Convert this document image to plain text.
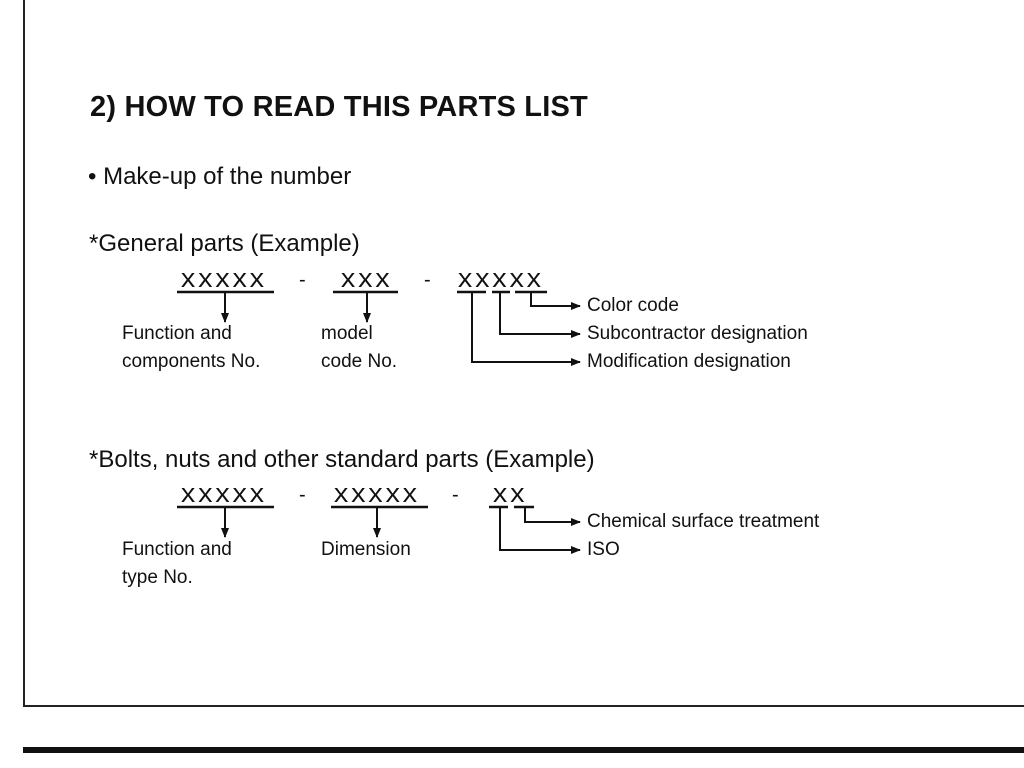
2) HOW TO READ THIS PARTS LIST
• Make-up of the number
*General parts (Example)
xxxxx - xxx - xxxxx
Function and
components No.
model
code No.
Color code
Subcontractor designation
Modification designation
*Bolts, nuts and other standard parts (Example)
xxxxx - xxxxx - xx
Function and
type No.
Dimension
Chemical surface treatment
ISO
